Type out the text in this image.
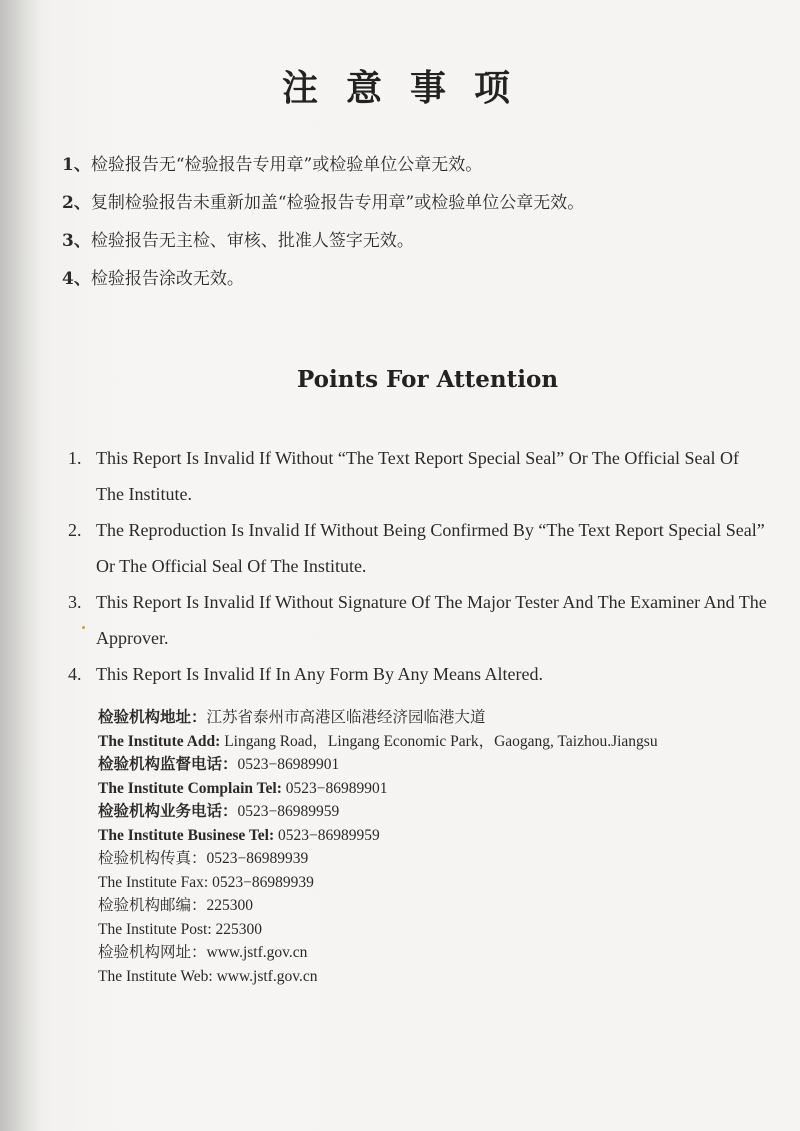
注意事项
1、检验报告无“检验报告专用章”或检验单位公章无效。
2、复制检验报告未重新加盖“检验报告专用章”或检验单位公章无效。
3、检验报告无主检、审核、批准人签字无效。
4、检验报告涂改无效。
Points For Attention
1. This Report Is Invalid If Without “The Text Report Special Seal” Or The Official Seal Of The Institute.
2. The Reproduction Is Invalid If Without Being Confirmed By “The Text Report Special Seal” Or The Official Seal Of The Institute.
3. This Report Is Invalid If Without Signature Of The Major Tester And The Examiner And The Approver.
4. This Report Is Invalid If In Any Form By Any Means Altered.
检验机构地址：江苏省泰州市高港区临港经济园临港大道
The Institute Add: Lingang Road，Lingang Economic Park，Gaogang, Taizhou.Jiangsu
检验机构监督电话：0523−86989901
The Institute Complain Tel: 0523−86989901
检验机构业务电话：0523−86989959
The Institute Businese Tel: 0523−86989959
检验机构传真：0523−86989939
The Institute Fax: 0523−86989939
检验机构邮编：225300
The Institute Post: 225300
检验机构网址：www.jstf.gov.cn
The Institute Web: www.jstf.gov.cn
